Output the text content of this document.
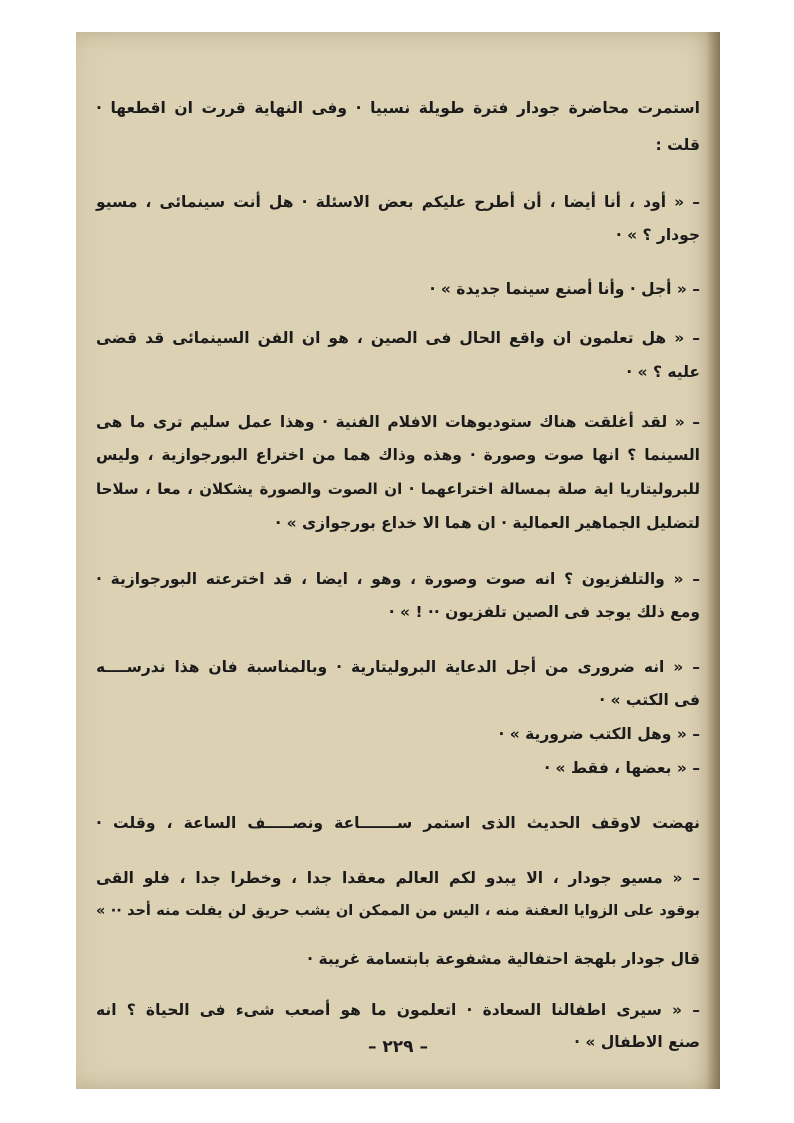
استمرت محاضرة جودار فترة طويلة نسبيا · وفى النهاية قررت ان اقطعها ·
قلت :
– « أود ، أنا أيضا ، أن أطرح عليكم بعض الاسئلة · هل أنت سينمائى ، مسيو
جودار ؟ » ·
– « أجل · وأنا أصنع سينما جديدة » ·
– « هل تعلمون ان واقع الحال فى الصين ، هو ان الفن السينمائى قد قضى
عليه ؟ » ·
– « لقد أغلقت هناك ستوديوهات الافلام الفنية · وهذا عمل سليم ترى ما هى
السينما ؟ انها صوت وصورة · وهذه وذاك هما من اختراع البورجوازية ، وليس
للبروليتاريا اية صلة بمسالة اختراعهما · ان الصوت والصورة يشكلان ، معا ، سلاحا
لتضليل الجماهير العمالية · ان هما الا خداع بورجوازى » ·
– « والتلفزيون ؟ انه صوت وصورة ، وهو ، ايضا ، قد اخترعته البورجوازية ·
ومع ذلك يوجد فى الصين تلفزيون ·· ! » ·
– « انه ضرورى من أجل الدعاية البروليتارية · وبالمناسبة فان هذا ندرســــه
فى الكتب » ·
– « وهل الكتب ضرورية » ·
– « بعضها ، فقط » ·
نهضت لاوقف الحديث الذى استمر ســـــــاعة ونصـــــف الساعة ، وقلت ·
– « مسيو جودار ، الا يبدو لكم العالم معقدا جدا ، وخطرا جدا ، فلو القى
بوقود على الزوايا العفنة منه ، اليس من الممكن ان يشب حريق لن يفلت منه أحد ·· »
قال جودار بلهجة احتفالية مشفوعة بابتسامة غريبة ·
– « سيرى اطفالنا السعادة · اتعلمون ما هو أصعب شىء فى الحياة ؟ انه
صنع الاطفال » ·
– ٢٢٩ –
